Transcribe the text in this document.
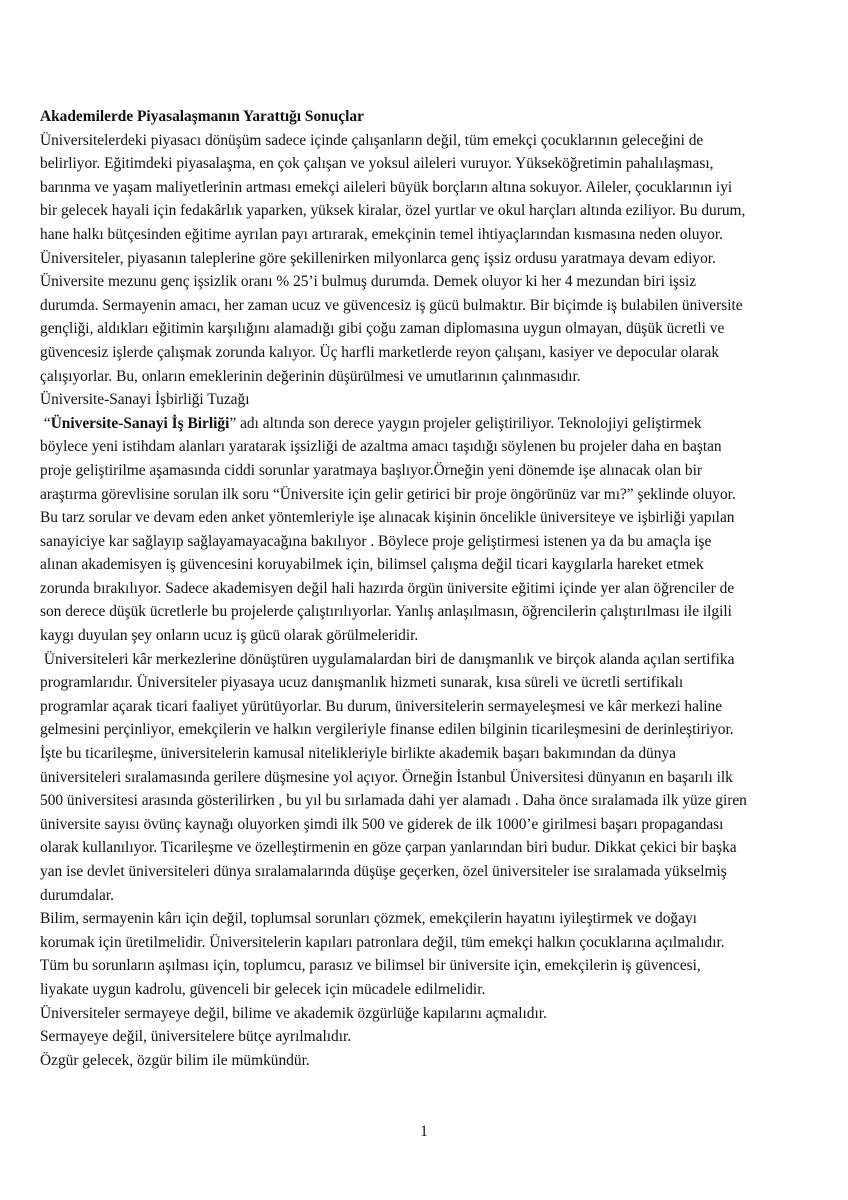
Akademilerde Piyasalaşmanın Yarattığı Sonuçlar
Üniversitelerdeki piyasacı dönüşüm sadece içinde çalışanların değil, tüm emekçi çocuklarının geleceğini de
belirliyor. Eğitimdeki piyasalaşma, en çok çalışan ve yoksul aileleri vuruyor. Yükseköğretimin pahalılaşması,
barınma ve yaşam maliyetlerinin artması emekçi aileleri büyük borçların altına sokuyor. Aileler, çocuklarının iyi
bir gelecek hayali için fedakârlık yaparken, yüksek kiralar, özel yurtlar ve okul harçları altında eziliyor. Bu durum,
hane halkı bütçesinden eğitime ayrılan payı artırarak, emekçinin temel ihtiyaçlarından kısmasına neden oluyor.
Üniversiteler, piyasanın taleplerine göre şekillenirken milyonlarca genç işsiz ordusu yaratmaya devam ediyor.
Üniversite mezunu genç işsizlik oranı % 25’i bulmuş durumda. Demek oluyor ki her 4 mezundan biri işsiz
durumda. Sermayenin amacı, her zaman ucuz ve güvencesiz iş gücü bulmaktır. Bir biçimde iş bulabilen üniversite
gençliği, aldıkları eğitimin karşılığını alamadığı gibi çoğu zaman diplomasına uygun olmayan, düşük ücretli ve
güvencesiz işlerde çalışmak zorunda kalıyor. Üç harfli marketlerde reyon çalışanı, kasiyer ve depocular olarak
çalışıyorlar. Bu, onların emeklerinin değerinin düşürülmesi ve umutlarının çalınmasıdır.
Üniversite-Sanayi İşbirliği Tuzağı
“Üniversite-Sanayi İş Birliği” adı altında son derece yaygın projeler geliştiriliyor. Teknolojiyi geliştirmek
böylece yeni istihdam alanları yaratarak işsizliği de azaltma amacı taşıdığı söylenen bu projeler daha en baştan
proje geliştirilme aşamasında ciddi sorunlar yaratmaya başlıyor.Örneğin yeni dönemde işe alınacak olan bir
araştırma görevlisine sorulan ilk soru “Üniversite için gelir getirici bir proje öngörünüz var mı?” şeklinde oluyor.
Bu tarz sorular ve devam eden anket yöntemleriyle işe alınacak kişinin öncelikle üniversiteye ve işbirliği yapılan
sanayiciye kar sağlayıp sağlayamayacağına bakılıyor . Böylece proje geliştirmesi istenen ya da bu amaçla işe
alınan akademisyen iş güvencesini koruyabilmek için, bilimsel çalışma değil ticari kaygılarla hareket etmek
zorunda bırakılıyor. Sadece akademisyen değil hali hazırda örgün üniversite eğitimi içinde yer alan öğrenciler de
son derece düşük ücretlerle bu projelerde çalıştırılıyorlar. Yanlış anlaşılmasın, öğrencilerin çalıştırılması ile ilgili
kaygı duyulan şey onların ucuz iş gücü olarak görülmeleridir.
Üniversiteleri kâr merkezlerine dönüştüren uygulamalardan biri de danışmanlık ve birçok alanda açılan sertifika
programlarıdır. Üniversiteler piyasaya ucuz danışmanlık hizmeti sunarak, kısa süreli ve ücretli sertifikalı
programlar açarak ticari faaliyet yürütüyorlar. Bu durum, üniversitelerin sermayeleşmesi ve kâr merkezi haline
gelmesini perçinliyor, emekçilerin ve halkın vergileriyle finanse edilen bilginin ticarileşmesini de derinleştiriyor.
İşte bu ticarileşme, üniversitelerin kamusal nitelikleriyle birlikte akademik başarı bakımından da dünya
üniversiteleri sıralamasında gerilere düşmesine yol açıyor. Örneğin İstanbul Üniversitesi dünyanın en başarılı ilk
500 üniversitesi arasında gösterilirken , bu yıl bu sırlamada dahi yer alamadı . Daha önce sıralamada ilk yüze giren
üniversite sayısı övünç kaynağı oluyorken şimdi ilk 500 ve giderek de ilk 1000’e girilmesi başarı propagandası
olarak kullanılıyor. Ticarileşme ve özelleştirmenin en göze çarpan yanlarından biri budur. Dikkat çekici bir başka
yan ise devlet üniversiteleri dünya sıralamalarında düşüşe geçerken, özel üniversiteler ise sıralamada yükselmiş
durumdalar.
Bilim, sermayenin kârı için değil, toplumsal sorunları çözmek, emekçilerin hayatını iyileştirmek ve doğayı
korumak için üretilmelidir. Üniversitelerin kapıları patronlara değil, tüm emekçi halkın çocuklarına açılmalıdır.
Tüm bu sorunların aşılması için, toplumcu, parasız ve bilimsel bir üniversite için, emekçilerin iş güvencesi,
liyakate uygun kadrolu, güvenceli bir gelecek için mücadele edilmelidir.
Üniversiteler sermayeye değil, bilime ve akademik özgürlüğe kapılarını açmalıdır.
Sermayeye değil, üniversitelere bütçe ayrılmalıdır.
Özgür gelecek, özgür bilim ile mümkündür.
1
